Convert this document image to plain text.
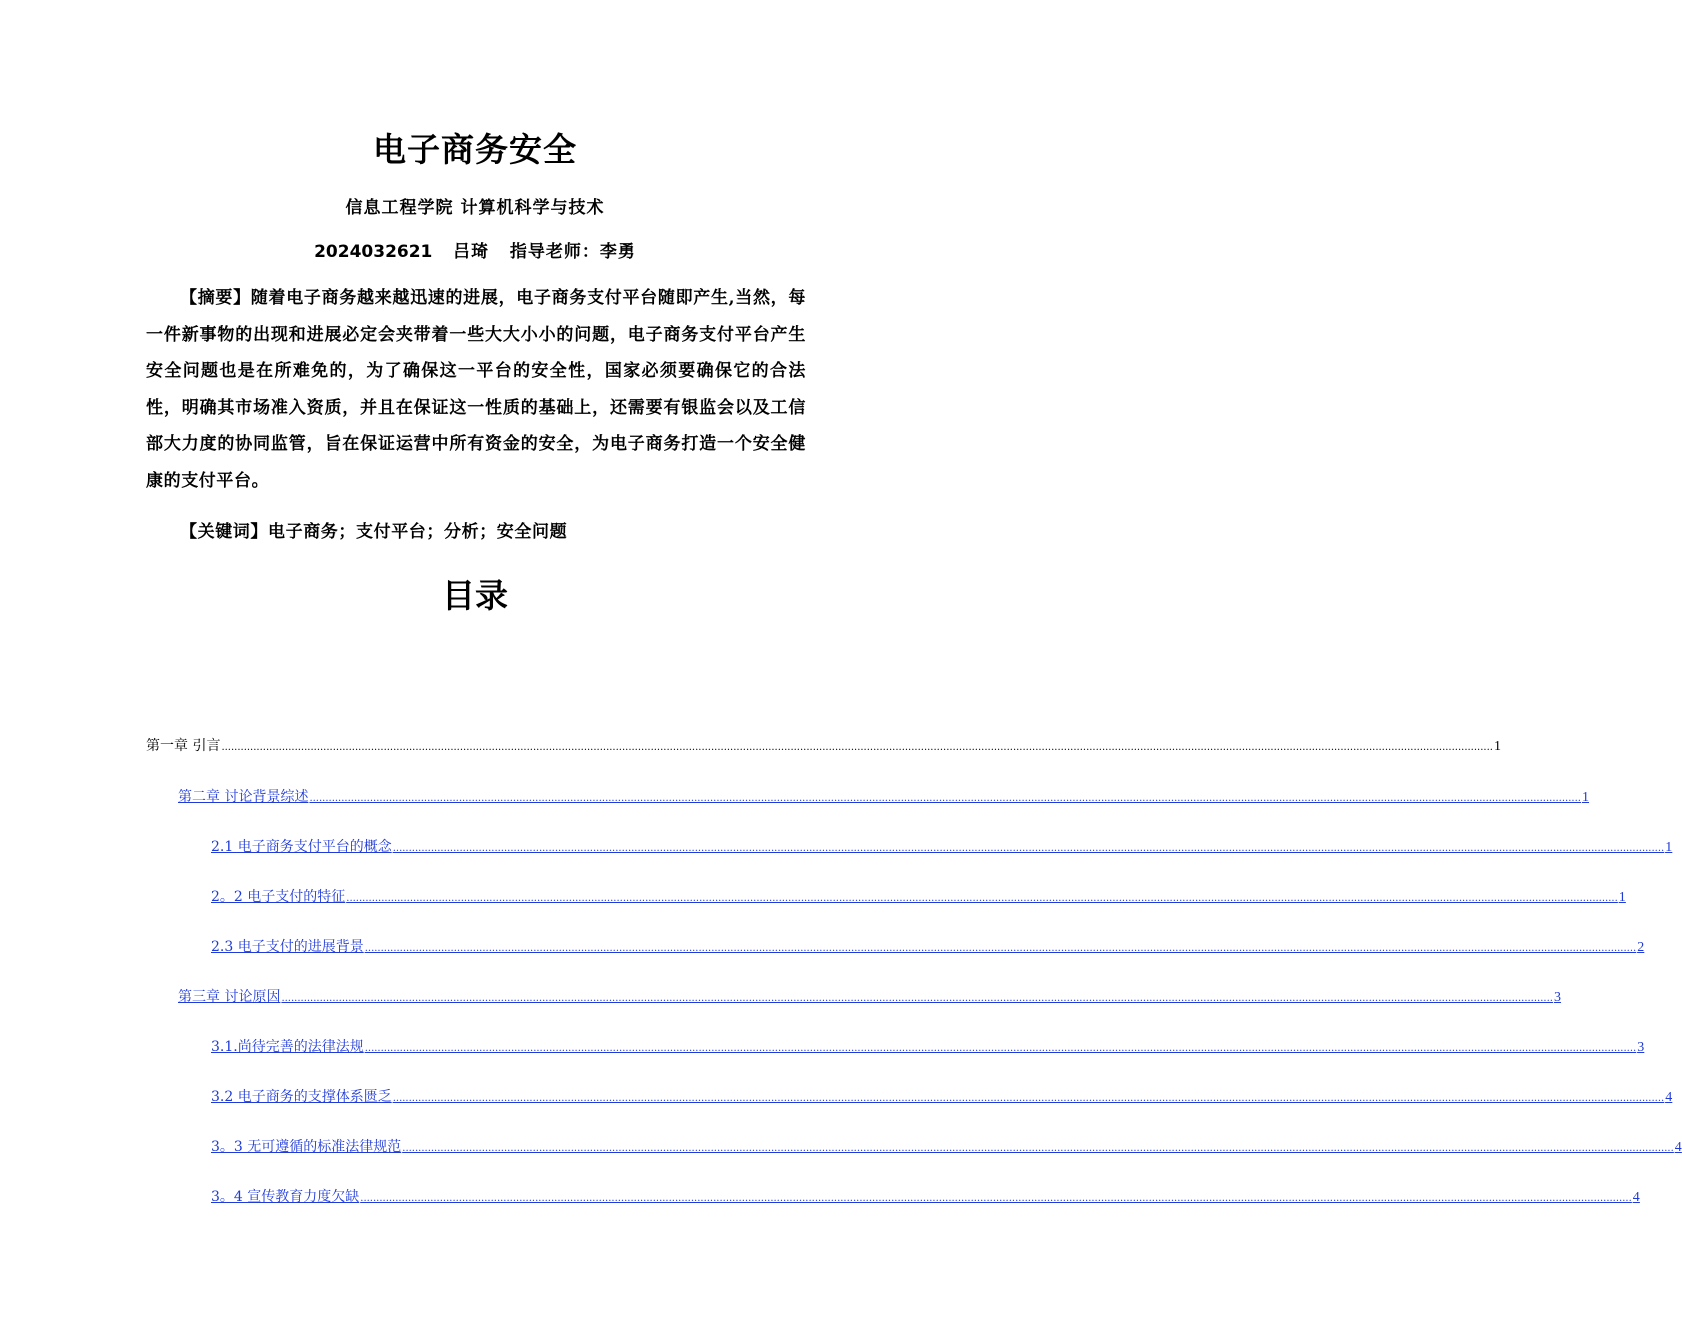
电子商务安全
信息工程学院 计算机科学与技术
2024032621   吕琦   指导老师：李勇
【摘要】随着电子商务越来越迅速的进展，电子商务支付平台随即产生,当然，每一件新事物的出现和进展必定会夹带着一些大大小小的问题，电子商务支付平台产生安全问题也是在所难免的，为了确保这一平台的安全性，国家必须要确保它的合法性，明确其市场准入资质，并且在保证这一性质的基础上，还需要有银监会以及工信部大力度的协同监管，旨在保证运营中所有资金的安全，为电子商务打造一个安全健康的支付平台。
【关键词】电子商务；支付平台；分析；安全问题
目录
第一章 引言 ................................................................................................................................................................................................................................................................................................................................................................................................................ 1
第二章 讨论背景综述 ................................................................................................................................................................................................................................................................................................................................................................................................................ 1
2.1 电子商务支付平台的概念 ................................................................................................................................................................................................................................................................................................................................................................................................................ 1
2。2 电子支付的特征 ................................................................................................................................................................................................................................................................................................................................................................................................................ 1
2.3 电子支付的进展背景 ................................................................................................................................................................................................................................................................................................................................................................................................................ 2
第三章 讨论原因 ................................................................................................................................................................................................................................................................................................................................................................................................................ 3
3.1.尚待完善的法律法规 ................................................................................................................................................................................................................................................................................................................................................................................................................ 3
3.2 电子商务的支撑体系匮乏 ................................................................................................................................................................................................................................................................................................................................................................................................................ 4
3。3 无可遵循的标准法律规范 ................................................................................................................................................................................................................................................................................................................................................................................................................ 4
3。4 宣传教育力度欠缺 ................................................................................................................................................................................................................................................................................................................................................................................................................ 4
